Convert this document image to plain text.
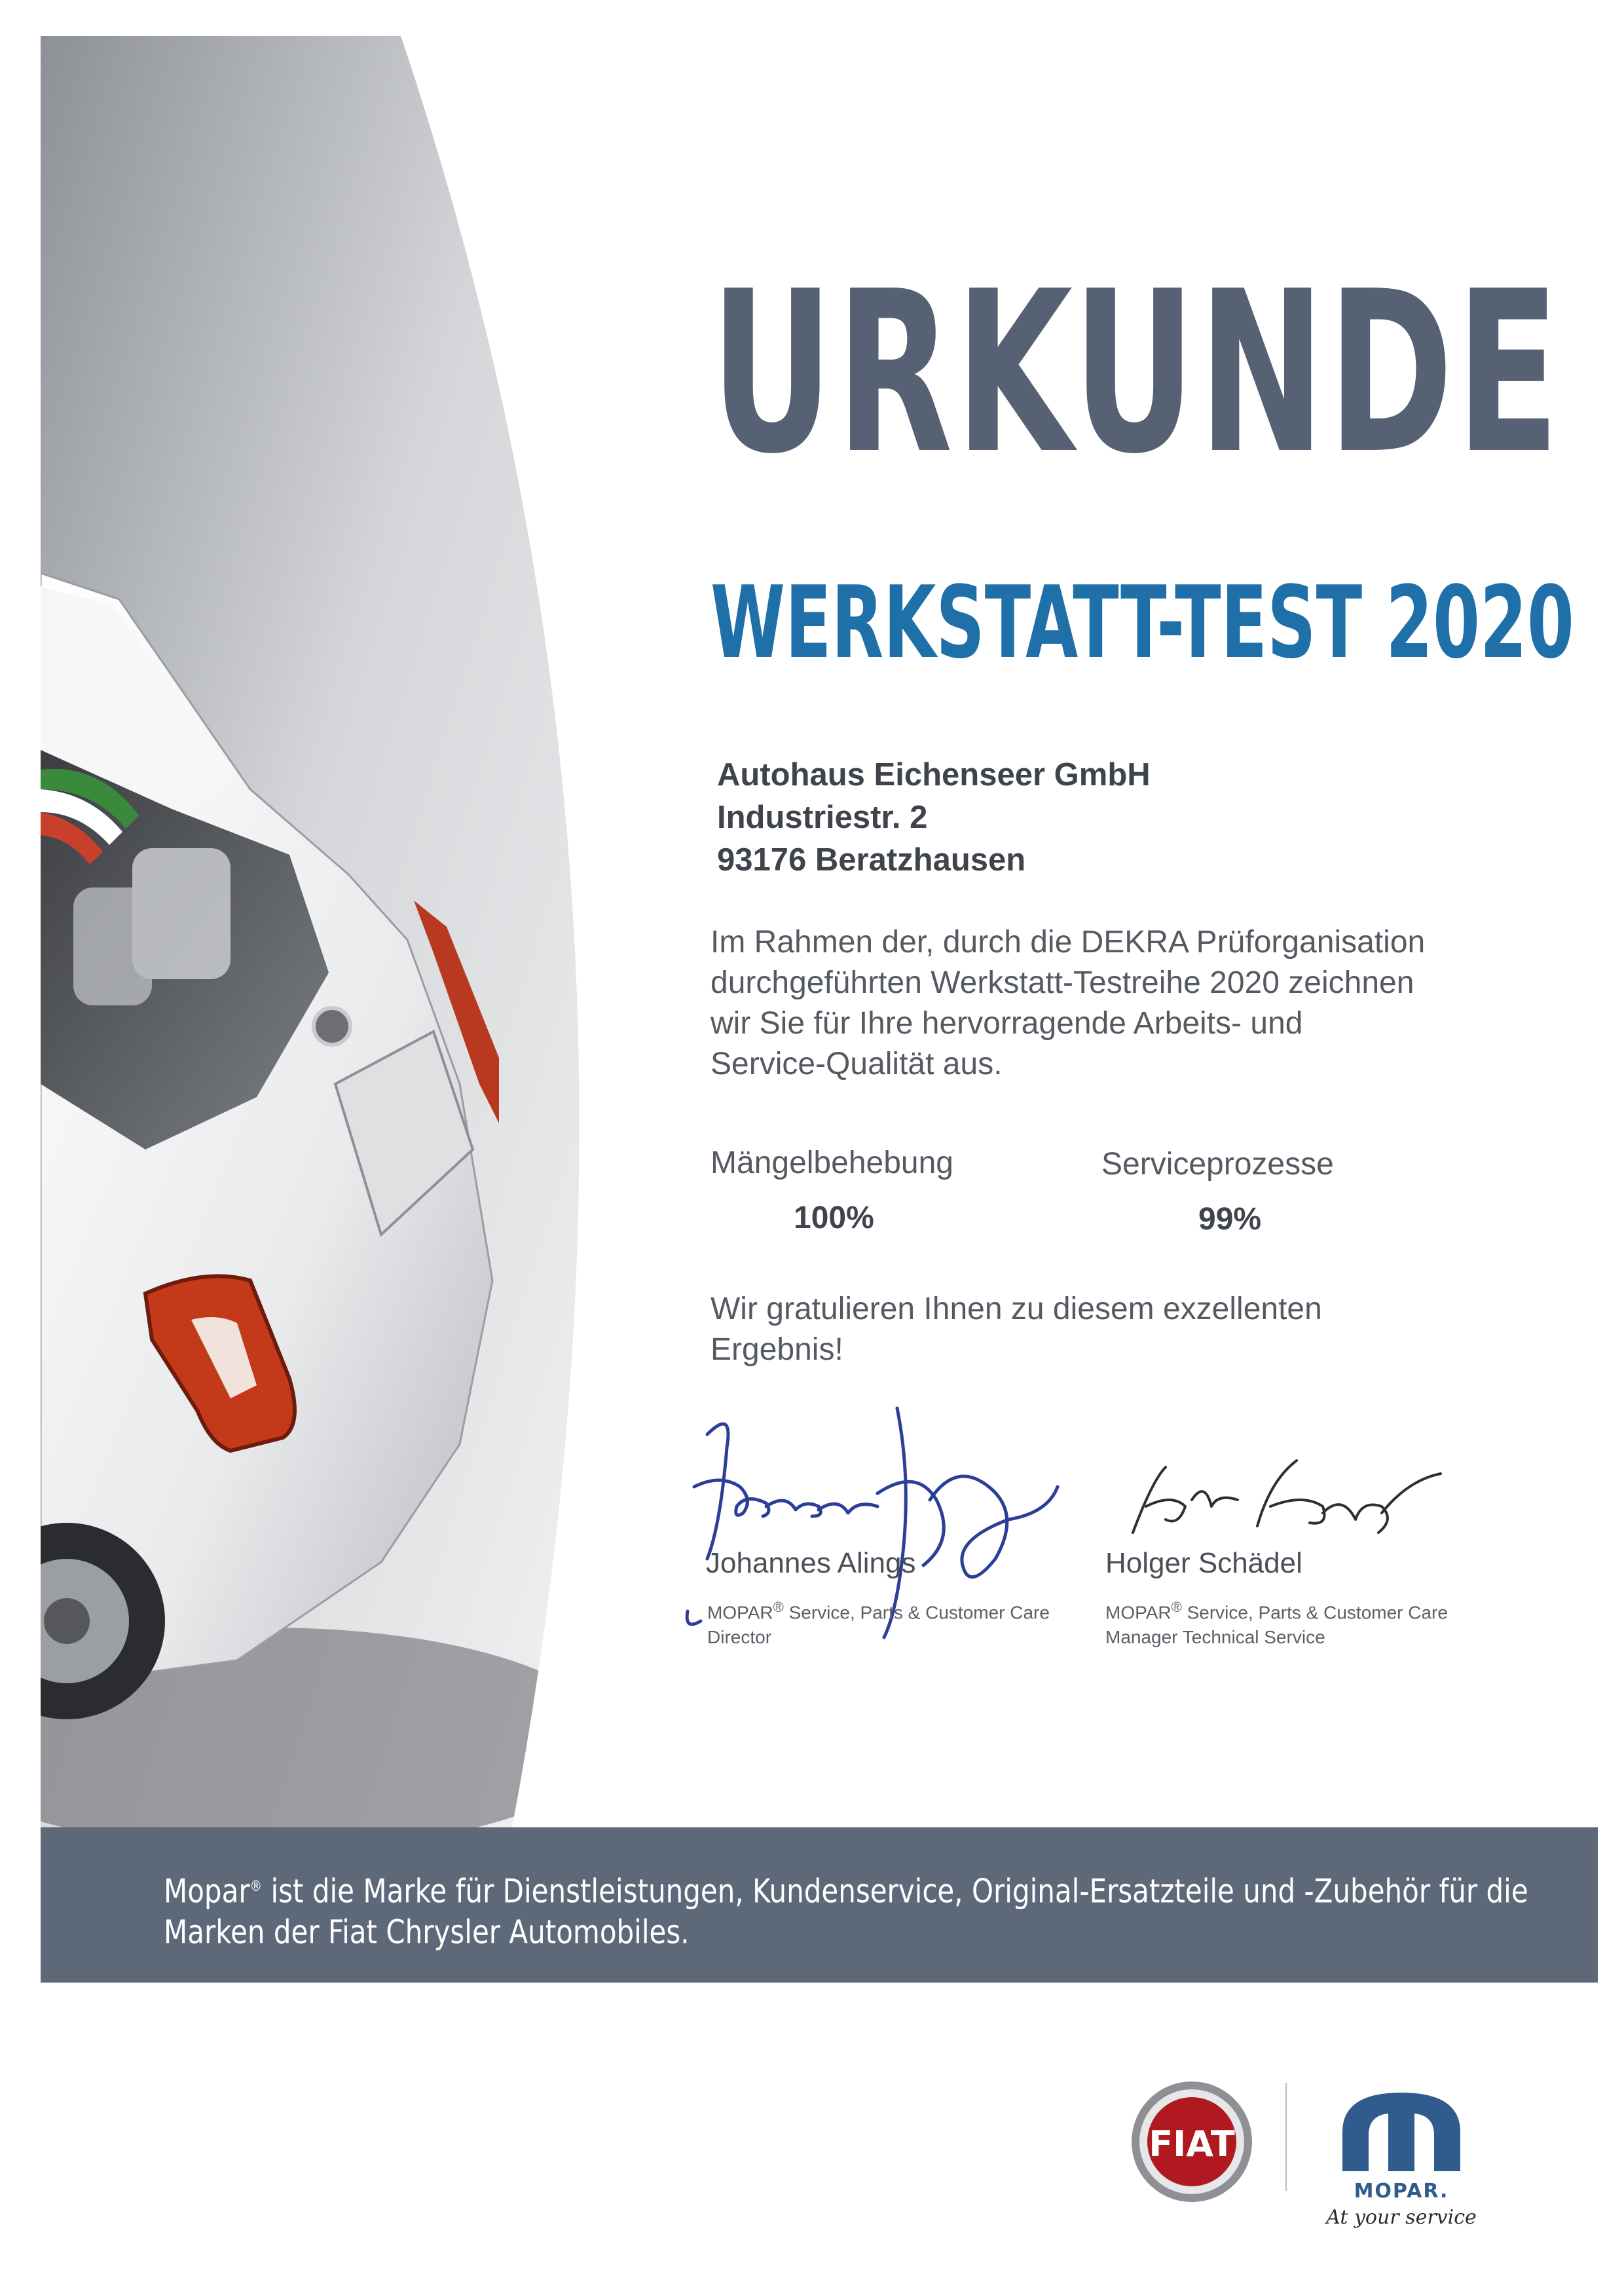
URKUNDE
WERKSTATT-TEST 2020
Autohaus Eichenseer GmbH
Industriestr. 2
93176 Beratzhausen
Im Rahmen der, durch die DEKRA Prüforganisation
durchgeführten Werkstatt-Testreihe 2020 zeichnen
wir Sie für Ihre hervorragende Arbeits- und
Service-Qualität aus.
Mängelbehebung
100%
Serviceprozesse
99%
Wir gratulieren Ihnen zu diesem exzellenten
Ergebnis!
Johannes Alings
MOPAR® Service, Parts & Customer Care
Director
Holger Schädel
MOPAR® Service, Parts & Customer Care
Manager Technical Service
Mopar® ist die Marke für Dienstleistungen, Kundenservice, Original-Ersatzteile und -Zubehör für die
Marken der Fiat Chrysler Automobiles.
FIAT
MOPAR.
At your service
